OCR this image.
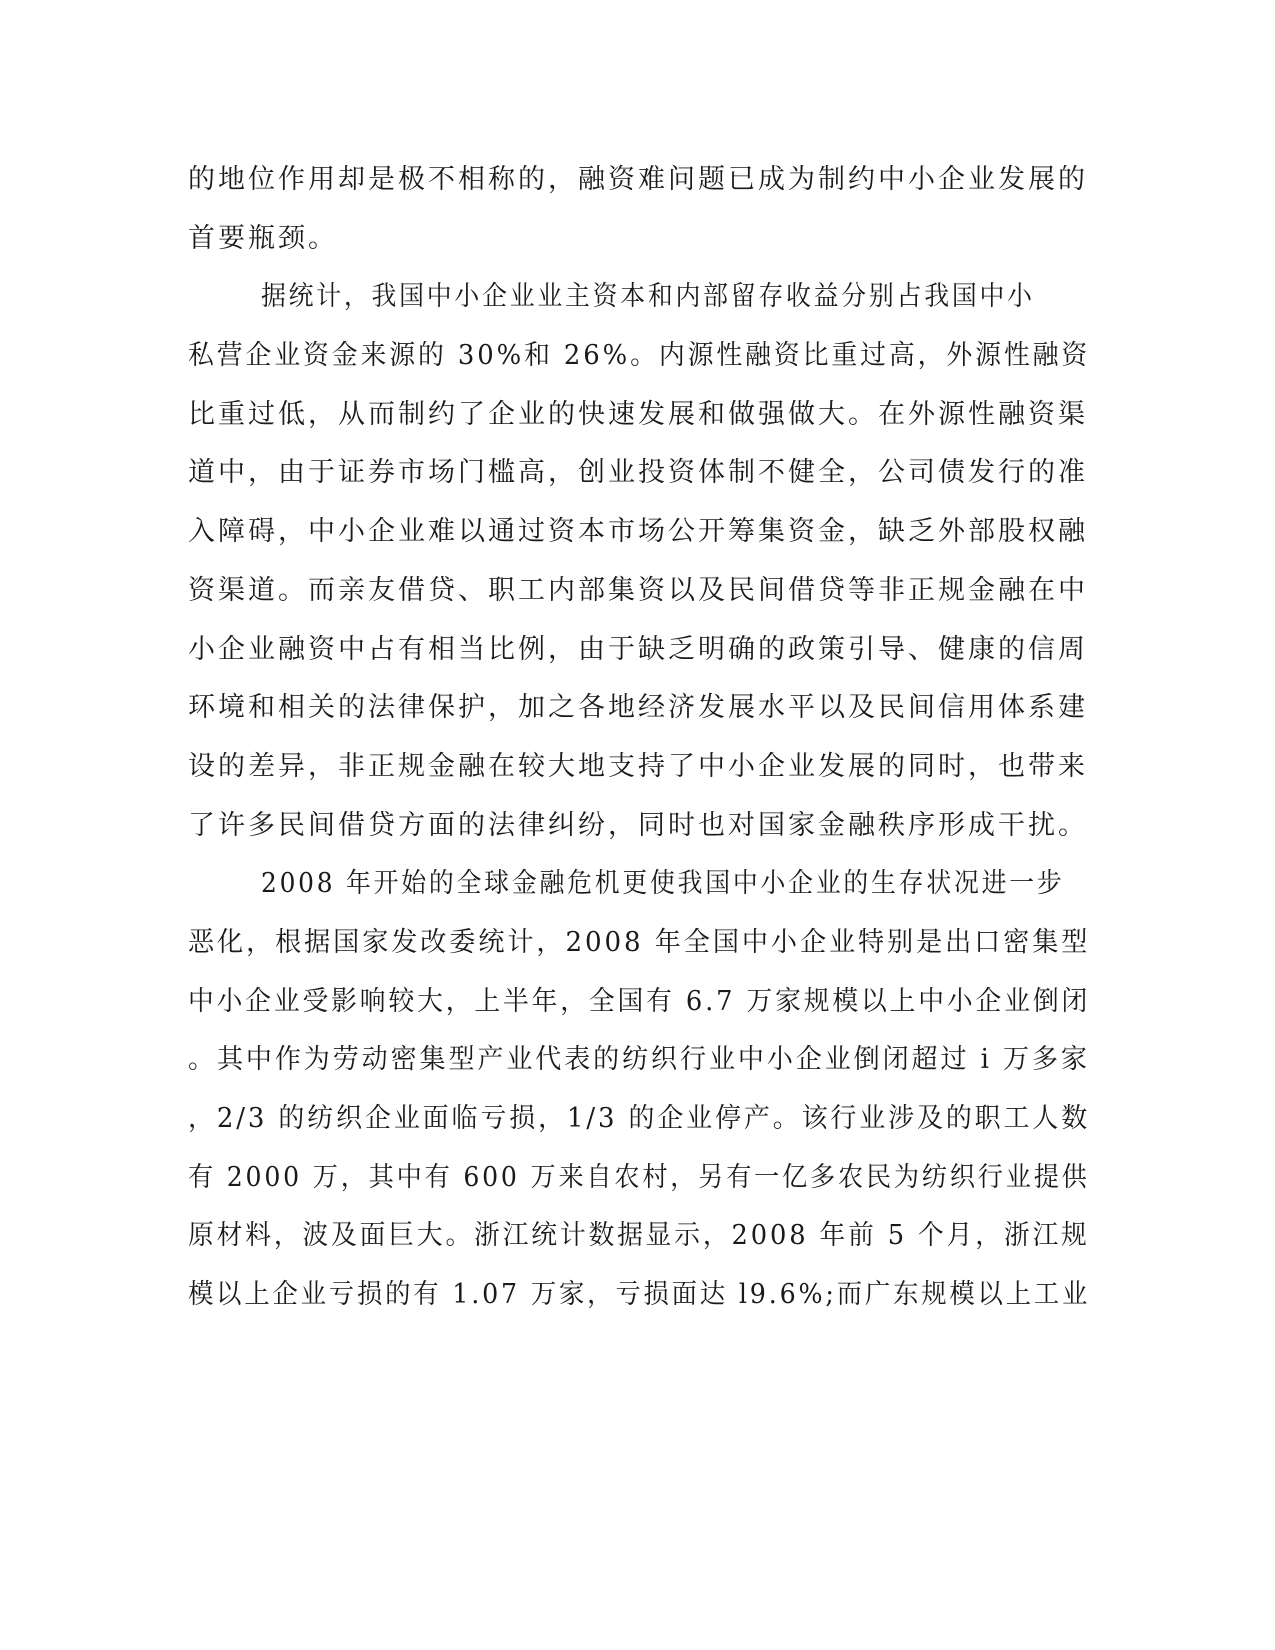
的地位作用却是极不相称的，融资难问题已成为制约中小企业发展的
首要瓶颈。
据统计，我国中小企业业主资本和内部留存收益分别占我国中小
私营企业资金来源的 30%和 26%。内源性融资比重过高，外源性融资
比重过低，从而制约了企业的快速发展和做强做大。在外源性融资渠
道中，由于证券市场门槛高，创业投资体制不健全，公司债发行的准
入障碍，中小企业难以通过资本市场公开筹集资金，缺乏外部股权融
资渠道。而亲友借贷、职工内部集资以及民间借贷等非正规金融在中
小企业融资中占有相当比例，由于缺乏明确的政策引导、健康的信周
环境和相关的法律保护，加之各地经济发展水平以及民间信用体系建
设的差异，非正规金融在较大地支持了中小企业发展的同时，也带来
了许多民间借贷方面的法律纠纷，同时也对国家金融秩序形成干扰。
2008 年开始的全球金融危机更使我国中小企业的生存状况进一步
恶化，根据国家发改委统计，2008 年全国中小企业特别是出口密集型
中小企业受影响较大，上半年，全国有 6.7 万家规模以上中小企业倒闭
。其中作为劳动密集型产业代表的纺织行业中小企业倒闭超过 i 万多家
，2/3 的纺织企业面临亏损，1/3 的企业停产。该行业涉及的职工人数
有 2000 万，其中有 600 万来自农村，另有一亿多农民为纺织行业提供
原材料，波及面巨大。浙江统计数据显示，2008 年前 5 个月，浙江规
模以上企业亏损的有 1.07 万家，亏损面达 l9.6%;而广东规模以上工业
